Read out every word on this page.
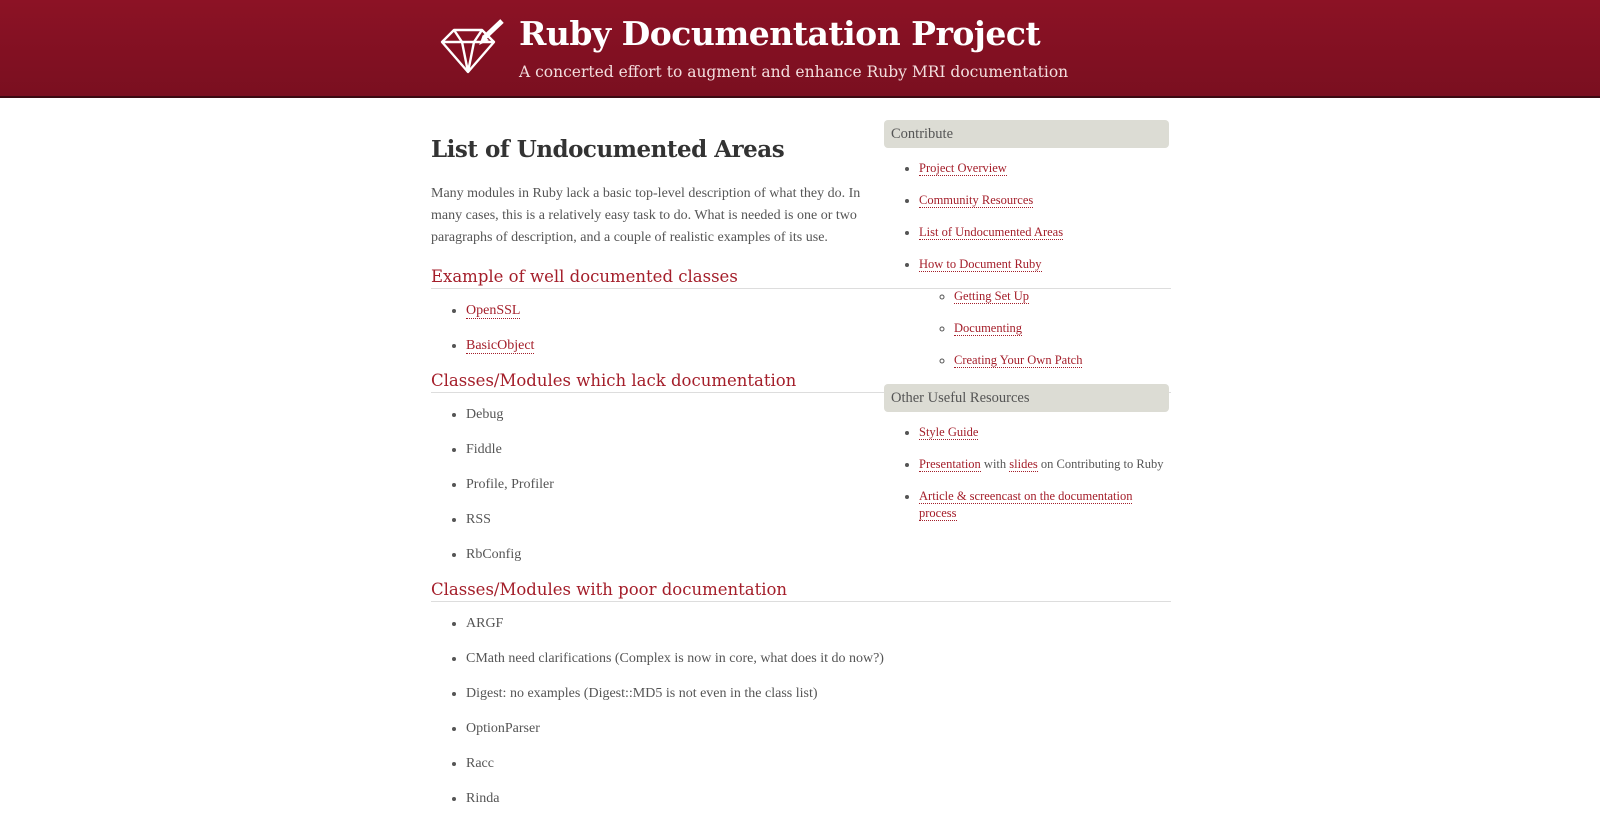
Ruby Documentation Project
A concerted effort to augment and enhance Ruby MRI documentation
List of Undocumented Areas

Many modules in Ruby lack a basic top-level description of what they do. In many cases, this is a relatively easy task to do. What is needed is one or two paragraphs of description, and a couple of realistic examples of its use.

Example of well documented classes
• OpenSSL
• BasicObject
Classes/Modules which lack documentation
• Debug
• Fiddle
• Profile, Profiler
• RSS
• RbConfig
Classes/Modules with poor documentation
• ARGF
• CMath need clarifications (Complex is now in core, what does it do now?)
• Digest: no examples (Digest::MD5 is not even in the class list)
• OptionParser
• Racc
• Rinda
Contribute
• Project Overview
• Community Resources
• List of Undocumented Areas
• How to Document Ruby
◦ Getting Set Up
◦ Documenting
◦ Creating Your Own Patch
Other Useful Resources
• Style Guide
• Presentation with slides on Contributing to Ruby
• Article & screencast on the documentation process
